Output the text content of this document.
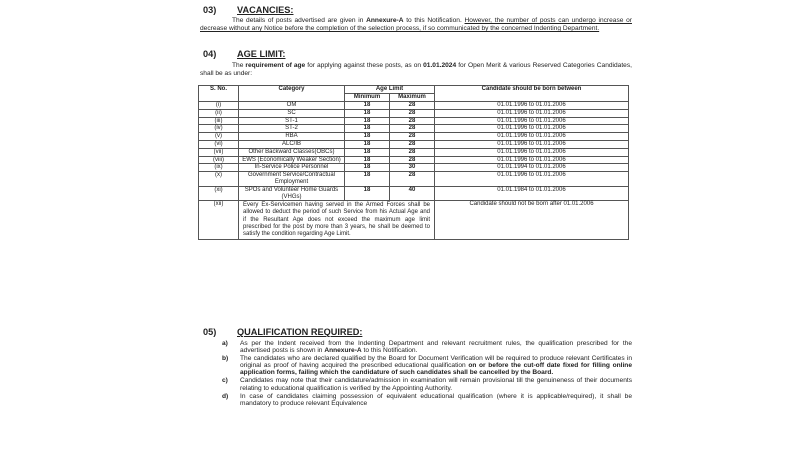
03) VACANCIES:
The details of posts advertised are given in Annexure-A to this Notification. However, the number of posts can undergo increase or decrease without any Notice before the completion of the selection process, if so communicated by the concerned Indenting Department.
04) AGE LIMIT:
The requirement of age for applying against these posts, as on 01.01.2024 for Open Merit & various Reserved Categories Candidates, shall be as under:
S. No.	Category	Age Limit		Candidate should be born between
		Minimum	Maximum	
(i)	OM	18	28	01.01.1996 to 01.01.2006
(ii)	SC	18	28	01.01.1996 to 01.01.2006
(iii)	ST-1	18	28	01.01.1996 to 01.01.2006
(iv)	ST-2	18	28	01.01.1996 to 01.01.2006
(v)	RBA	18	28	01.01.1996 to 01.01.2006
(vi)	ALC/IB	18	28	01.01.1996 to 01.01.2006
(vii)	Other Backward Classes(OBCs)	18	28	01.01.1996 to 01.01.2006
(viii)	EWS (Economically Weaker Section)	18	28	01.01.1996 to 01.01.2006
(ix)	In-Service Police Personnel	18	30	01.01.1994 to 01.01.2006
(x)	Government Service/Contractual Employment	18	28	01.01.1996 to 01.01.2006
(xi)	SPOs and Volunteer Home Guards (VHGs)	18	40	01.01.1984 to 01.01.2006
(xii)	Every Ex-Servicemen having served in the Armed Forces shall be allowed to deduct the period of such Service from his Actual Age and if the Resultant Age does not exceed the maximum age limit prescribed for the post by more than 3 years, he shall be deemed to satisfy the condition regarding Age Limit.			Candidate should not be born after 01.01.2006
05) QUALIFICATION REQUIRED:
a)	As per the Indent received from the Indenting Department and relevant recruitment rules, the qualification prescribed for the advertised posts is shown in Annexure-A to this Notification.
b)	The candidates who are declared qualified by the Board for Document Verification will be required to produce relevant Certificates in original as proof of having acquired the prescribed educational qualification on or before the cut-off date fixed for filling online application forms, failing which the candidature of such candidates shall be cancelled by the Board.
c)	Candidates may note that their candidature/admission in examination will remain provisional till the genuineness of their documents relating to educational qualification is verified by the Appointing Authority.
d)	In case of candidates claiming possession of equivalent educational qualification (where it is applicable/required), it shall be mandatory to produce relevant Equivalence
